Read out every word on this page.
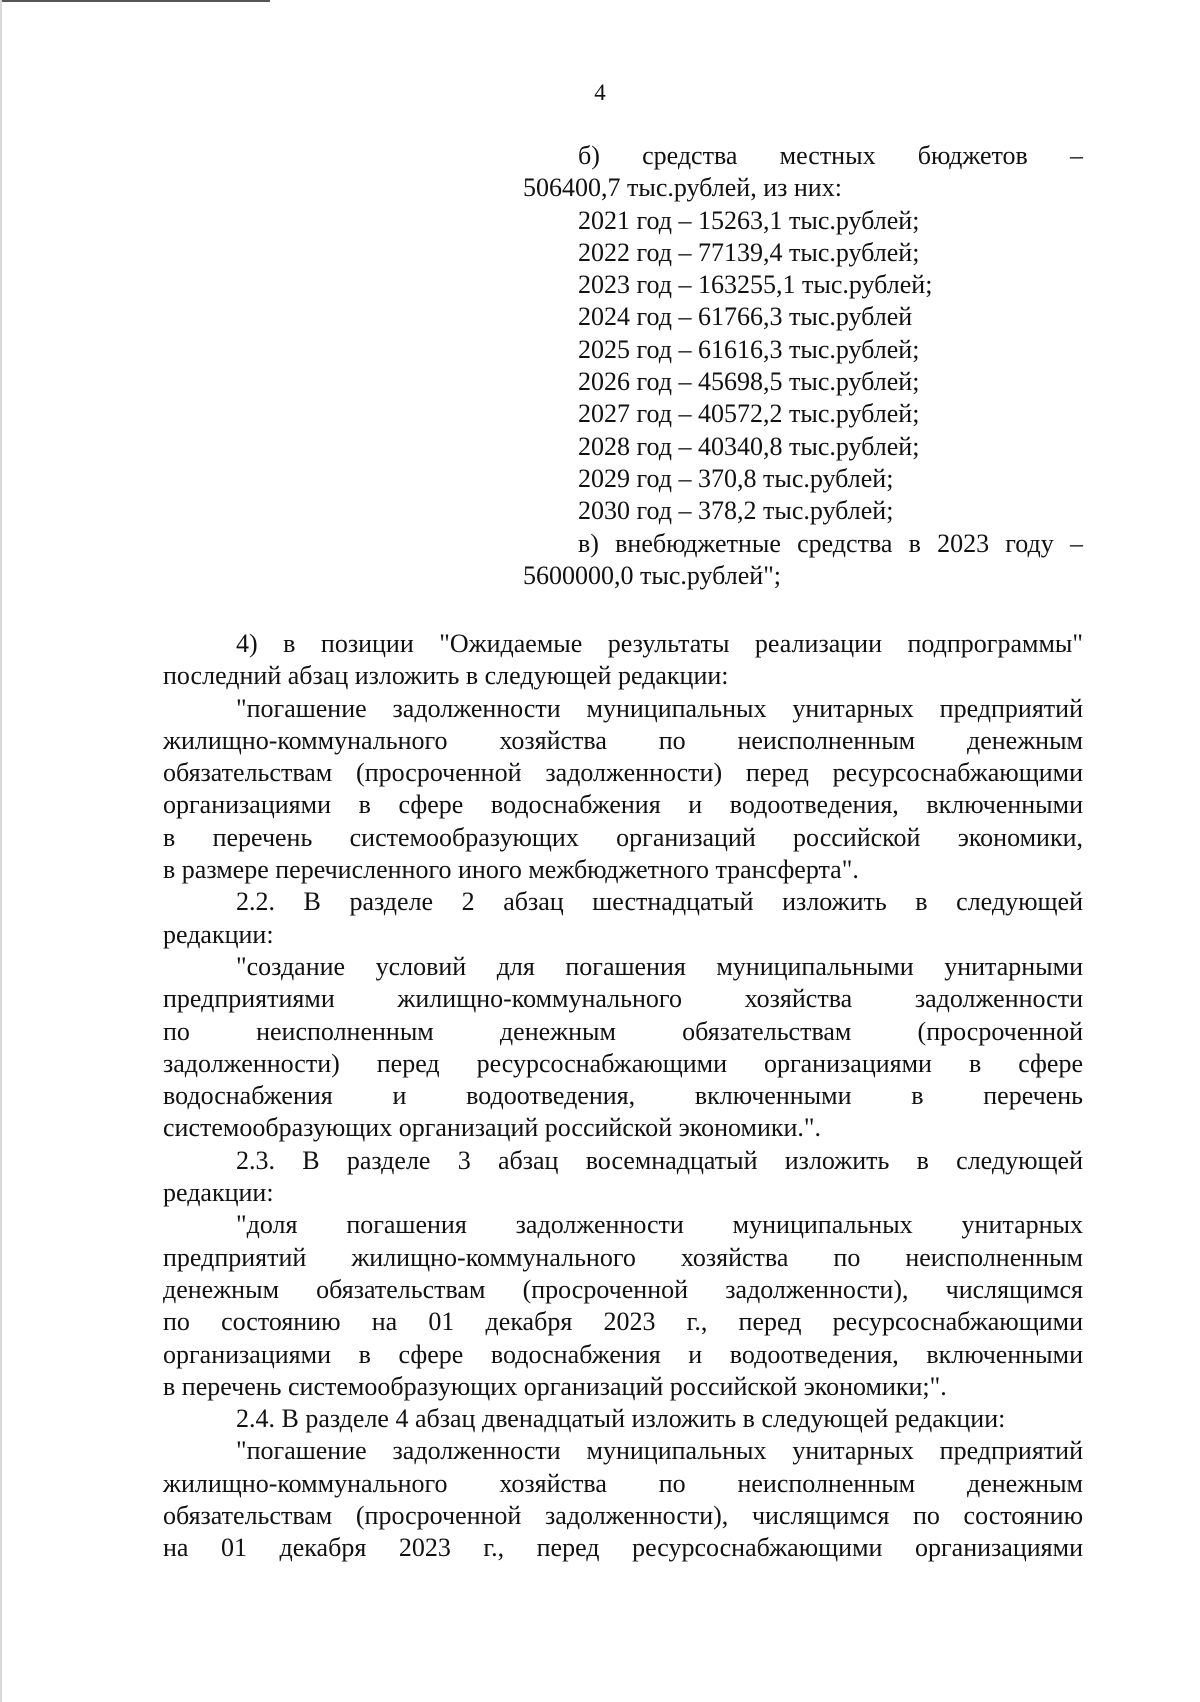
4
б) средства местных бюджетов –
506400,7 тыс.рублей, из них:
2021 год – 15263,1 тыс.рублей;
2022 год – 77139,4 тыс.рублей;
2023 год – 163255,1 тыс.рублей;
2024 год – 61766,3 тыс.рублей
2025 год – 61616,3 тыс.рублей;
2026 год – 45698,5 тыс.рублей;
2027 год – 40572,2 тыс.рублей;
2028 год – 40340,8 тыс.рублей;
2029 год – 370,8 тыс.рублей;
2030 год – 378,2 тыс.рублей;
в) внебюджетные средства в 2023 году –
5600000,0 тыс.рублей";
4) в позиции "Ожидаемые результаты реализации подпрограммы"
последний абзац изложить в следующей редакции:
"погашение задолженности муниципальных унитарных предприятий
жилищно-коммунального хозяйства по неисполненным денежным
обязательствам (просроченной задолженности) перед ресурсоснабжающими
организациями в сфере водоснабжения и водоотведения, включенными
в перечень системообразующих организаций российской экономики,
в размере перечисленного иного межбюджетного трансферта".
2.2. В разделе 2 абзац шестнадцатый изложить в следующей
редакции:
"создание условий для погашения муниципальными унитарными
предприятиями жилищно-коммунального хозяйства задолженности
по неисполненным денежным обязательствам (просроченной
задолженности) перед ресурсоснабжающими организациями в сфере
водоснабжения и водоотведения, включенными в перечень
системообразующих организаций российской экономики.".
2.3. В разделе 3 абзац восемнадцатый изложить в следующей
редакции:
"доля погашения задолженности муниципальных унитарных
предприятий жилищно-коммунального хозяйства по неисполненным
денежным обязательствам (просроченной задолженности), числящимся
по состоянию на 01 декабря 2023 г., перед ресурсоснабжающими
организациями в сфере водоснабжения и водоотведения, включенными
в перечень системообразующих организаций российской экономики;".
2.4. В разделе 4 абзац двенадцатый изложить в следующей редакции:
"погашение задолженности муниципальных унитарных предприятий
жилищно-коммунального хозяйства по неисполненным денежным
обязательствам (просроченной задолженности), числящимся по состоянию
на 01 декабря 2023 г., перед ресурсоснабжающими организациями
